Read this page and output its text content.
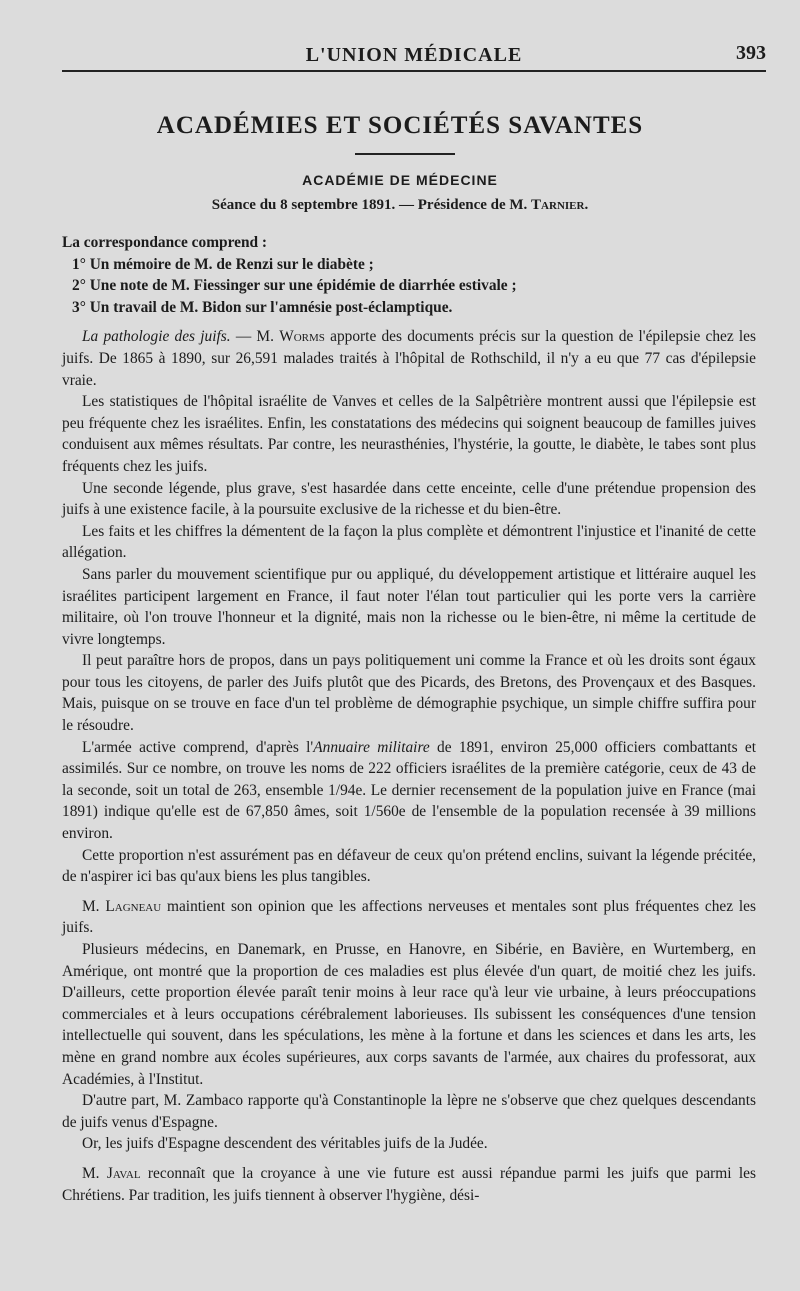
L'UNION MÉDICALE	393
ACADÉMIES ET SOCIÉTÉS SAVANTES
ACADÉMIE DE MÉDECINE
Séance du 8 septembre 1891. — Présidence de M. Tarnier.

La correspondance comprend :

1° Un mémoire de M. de Renzi sur le diabète ;

2° Une note de M. Fiessinger sur une épidémie de diarrhée estivale ;

3° Un travail de M. Bidon sur l'amnésie post-éclamptique.

La pathologie des juifs. — M. Worms apporte des documents précis sur la question de l'épilepsie chez les juifs. De 1865 à 1890, sur 26,591 malades traités à l'hôpital de Rothschild, il n'y a eu que 77 cas d'épilepsie vraie.

Les statistiques de l'hôpital israélite de Vanves et celles de la Salpêtrière montrent aussi que l'épilepsie est peu fréquente chez les israélites. Enfin, les constatations des médecins qui soignent beaucoup de familles juives conduisent aux mêmes résultats. Par contre, les neurasthénies, l'hystérie, la goutte, le diabète, le tabes sont plus fréquents chez les juifs.

Une seconde légende, plus grave, s'est hasardée dans cette enceinte, celle d'une prétendue propension des juifs à une existence facile, à la poursuite exclusive de la richesse et du bien-être.

Les faits et les chiffres la démentent de la façon la plus complète et démontrent l'injustice et l'inanité de cette allégation.

Sans parler du mouvement scientifique pur ou appliqué, du développement artistique et littéraire auquel les israélites participent largement en France, il faut noter l'élan tout particulier qui les porte vers la carrière militaire, où l'on trouve l'honneur et la dignité, mais non la richesse ou le bien-être, ni même la certitude de vivre longtemps.

Il peut paraître hors de propos, dans un pays politiquement uni comme la France et où les droits sont égaux pour tous les citoyens, de parler des Juifs plutôt que des Picards, des Bretons, des Provençaux et des Basques. Mais, puisque on se trouve en face d'un tel problème de démographie psychique, un simple chiffre suffira pour le résoudre.

L'armée active comprend, d'après l'Annuaire militaire de 1891, environ 25,000 officiers combattants et assimilés. Sur ce nombre, on trouve les noms de 222 officiers israélites de la première catégorie, ceux de 43 de la seconde, soit un total de 263, ensemble 1/94e. Le dernier recensement de la population juive en France (mai 1891) indique qu'elle est de 67,850 âmes, soit 1/560e de l'ensemble de la population recensée à 39 millions environ.

Cette proportion n'est assurément pas en défaveur de ceux qu'on prétend enclins, suivant la légende précitée, de n'aspirer ici bas qu'aux biens les plus tangibles.

M. Lagneau maintient son opinion que les affections nerveuses et mentales sont plus fréquentes chez les juifs.

Plusieurs médecins, en Danemark, en Prusse, en Hanovre, en Sibérie, en Bavière, en Wurtemberg, en Amérique, ont montré que la proportion de ces maladies est plus élevée d'un quart, de moitié chez les juifs. D'ailleurs, cette proportion élevée paraît tenir moins à leur race qu'à leur vie urbaine, à leurs préoccupations commerciales et à leurs occupations cérébralement laborieuses. Ils subissent les conséquences d'une tension intellectuelle qui souvent, dans les spéculations, les mène à la fortune et dans les sciences et dans les arts, les mène en grand nombre aux écoles supérieures, aux corps savants de l'armée, aux chaires du professorat, aux Académies, à l'Institut.

D'autre part, M. Zambaco rapporte qu'à Constantinople la lèpre ne s'observe que chez quelques descendants de juifs venus d'Espagne.

Or, les juifs d'Espagne descendent des véritables juifs de la Judée.

M. Javal reconnaît que la croyance à une vie future est aussi répandue parmi les juifs que parmi les Chrétiens. Par tradition, les juifs tiennent à observer l'hygiène, dési-
